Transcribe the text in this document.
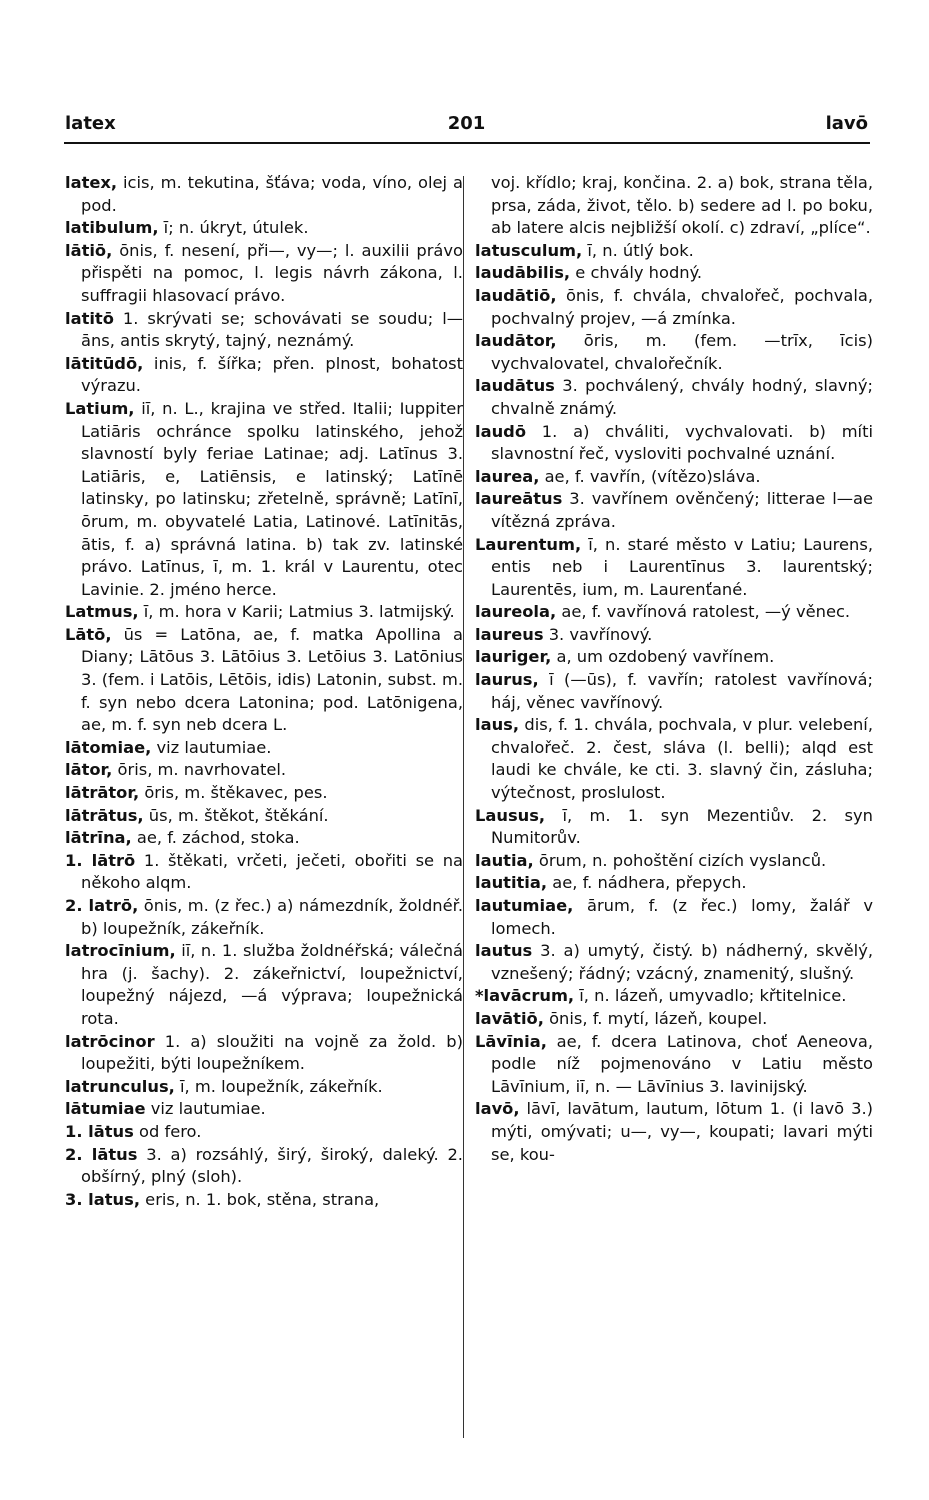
latex	201	lavō

latex, icis, m. tekutina, šťáva; voda, víno, olej a pod.

latibulum, ī; n. úkryt, útulek.

lātiō, ōnis, f. nesení, při—, vy—; l. auxilii právo přispěti na pomoc, l. legis návrh zákona, l. suffragii hlasovací právo.

latitō 1. skrývati se; schovávati se soudu; l—āns, antis skrytý, tajný, neznámý.

lātitūdō, inis, f. šířka; přen. plnost, bohatost výrazu.

Latium, iī, n. L., krajina ve střed. Italii; Iuppiter Latiāris ochránce spolku latinského, jehož slavností byly feriae Latinae; adj. Latīnus 3. Latiāris, e, Latiēnsis, e latinský; Latīnē latinsky, po latinsku; zřetelně, správně; Latīnī, ōrum, m. obyvatelé Latia, Latinové. Latīnitās, ātis, f. a) správná latina. b) tak zv. latinské právo. Latīnus, ī, m. 1. král v Laurentu, otec Lavinie. 2. jméno herce.

Latmus, ī, m. hora v Karii; Latmius 3. latmijský.

Lātō, ūs = Latōna, ae, f. matka Apollina a Diany; Lātōus 3. Lātōius 3. Letōius 3. Latōnius 3. (fem. i Latōis, Lētōis, idis) Latonin, subst. m. f. syn nebo dcera Latonina; pod. Latōnigena, ae, m. f. syn neb dcera L.

lātomiae, viz lautumiae.

lātor, ōris, m. navrhovatel.

lātrātor, ōris, m. štěkavec, pes.

lātrātus, ūs, m. štěkot, štěkání.

lātrīna, ae, f. záchod, stoka.

1. lātrō 1. štěkati, vrčeti, ječeti, obořiti se na někoho alqm.

2. latrō, ōnis, m. (z řec.) a) námezdník, žoldnéř. b) loupežník, zákeřník.

latrocīnium, iī, n. 1. služba žoldnéřská; válečná hra (j. šachy). 2. zákeřnictví, loupežnictví, loupežný nájezd, —á výprava; loupežnická rota.

latrōcinor 1. a) sloužiti na vojně za žold. b) loupežiti, býti loupežníkem.

latrunculus, ī, m. loupežník, zákeřník.

lātumiae viz lautumiae.

1. lātus od fero.

2. lātus 3. a) rozsáhlý, širý, široký, daleký. 2. obšírný, plný (sloh).

3. latus, eris, n. 1. bok, stěna, strana,

voj. křídlo; kraj, končina. 2. a) bok, strana těla, prsa, záda, život, tělo. b) sedere ad l. po boku, ab latere alcis nejbližší okolí. c) zdraví, „plíce“.

latusculum, ī, n. útlý bok.

laudābilis, e chvály hodný.

laudātiō, ōnis, f. chvála, chvalořeč, pochvala, pochvalný projev, —á zmínka.

laudātor, ōris, m. (fem. —trīx, īcis) vychvalovatel, chvalořečník.

laudātus 3. pochválený, chvály hodný, slavný; chvalně známý.

laudō 1. a) chváliti, vychvalovati. b) míti slavnostní řeč, vysloviti pochvalné uznání.

laurea, ae, f. vavřín, (vítězo)sláva.

laureātus 3. vavřínem ověnčený; litterae l—ae vítězná zpráva.

Laurentum, ī, n. staré město v Latiu; Laurens, entis neb i Laurentīnus 3. laurentský; Laurentēs, ium, m. Laurenťané.

laureola, ae, f. vavřínová ratolest, —ý věnec.

laureus 3. vavřínový.

lauriger, a, um ozdobený vavřínem.

laurus, ī (—ūs), f. vavřín; ratolest vavřínová; háj, věnec vavřínový.

laus, dis, f. 1. chvála, pochvala, v plur. velebení, chvalořeč. 2. čest, sláva (l. belli); alqd est laudi ke chvále, ke cti. 3. slavný čin, zásluha; výtečnost, proslulost.

Lausus, ī, m. 1. syn Mezentiův. 2. syn Numitorův.

lautia, ōrum, n. pohoštění cizích vyslanců.

lautitia, ae, f. nádhera, přepych.

lautumiae, ārum, f. (z řec.) lomy, žalář v lomech.

lautus 3. a) umytý, čistý. b) nádherný, skvělý, vznešený; řádný; vzácný, znamenitý, slušný.

*lavācrum, ī, n. lázeň, umyvadlo; křtitelnice.

lavātiō, ōnis, f. mytí, lázeň, koupel.

Lāvīnia, ae, f. dcera Latinova, choť Aeneova, podle níž pojmenováno v Latiu město Lāvīnium, iī, n. — Lāvīnius 3. lavinijský.

lavō, lāvī, lavātum, lautum, lōtum 1. (i lavō 3.) mýti, omývati; u—, vy—, koupati; lavari mýti se, kou-
